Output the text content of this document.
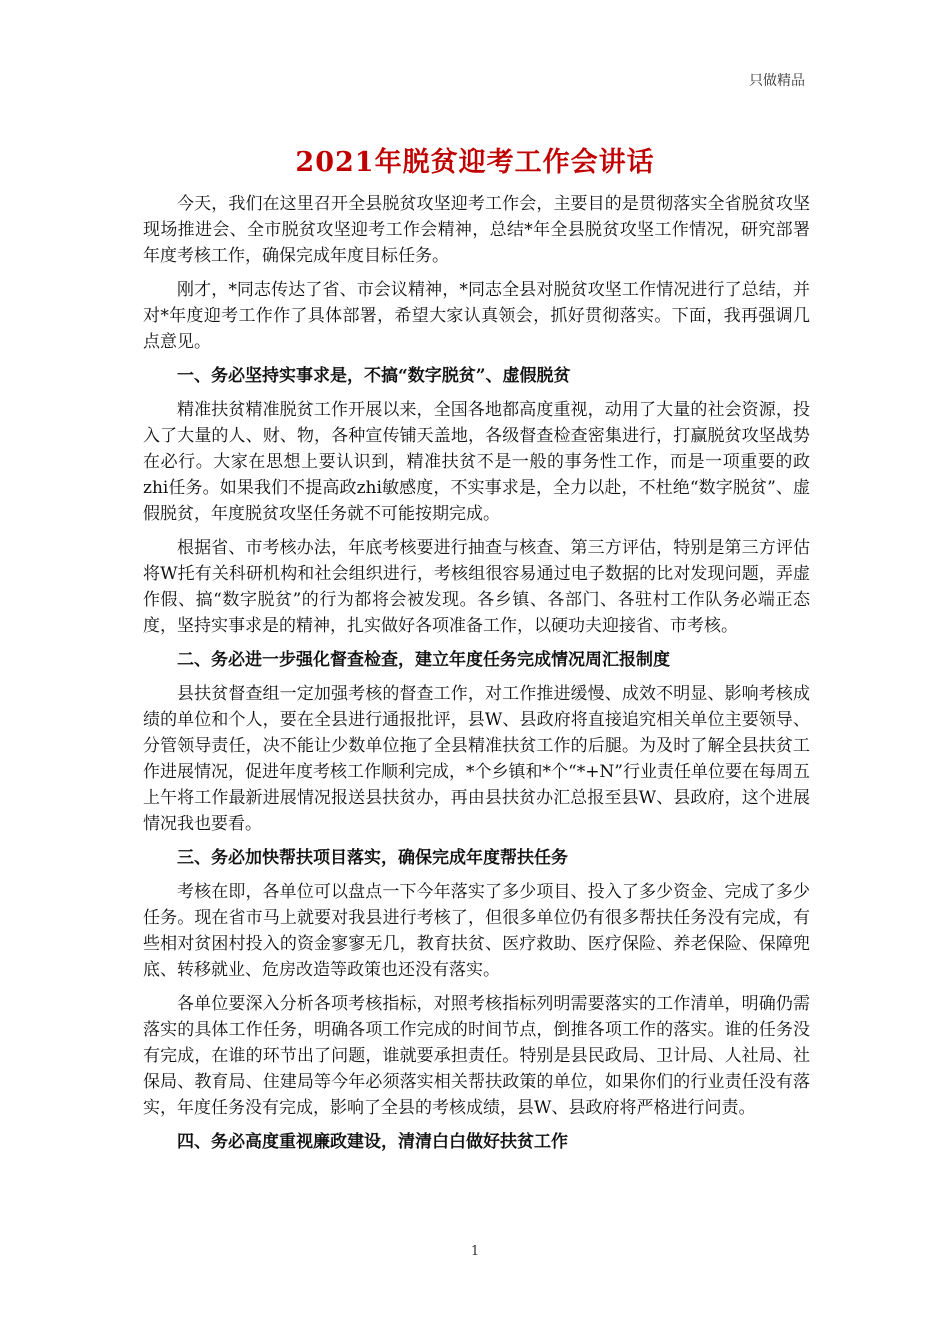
只做精品
2021年脱贫迎考工作会讲话

今天，我们在这里召开全县脱贫攻坚迎考工作会，主要目的是贯彻落实全省脱贫攻坚现场推进会、全市脱贫攻坚迎考工作会精神，总结*年全县脱贫攻坚工作情况，研究部署年度考核工作，确保完成年度目标任务。

刚才，*同志传达了省、市会议精神，*同志全县对脱贫攻坚工作情况进行了总结，并对*年度迎考工作作了具体部署，希望大家认真领会，抓好贯彻落实。下面，我再强调几点意见。

一、务必坚持实事求是，不搞“数字脱贫”、虚假脱贫

精准扶贫精准脱贫工作开展以来，全国各地都高度重视，动用了大量的社会资源，投入了大量的人、财、物，各种宣传铺天盖地，各级督查检查密集进行，打赢脱贫攻坚战势在必行。大家在思想上要认识到，精准扶贫不是一般的事务性工作，而是一项重要的政zhi任务。如果我们不提高政zhi敏感度，不实事求是，全力以赴，不杜绝“数字脱贫”、虚假脱贫，年度脱贫攻坚任务就不可能按期完成。

根据省、市考核办法，年底考核要进行抽查与核查、第三方评估，特别是第三方评估将W托有关科研机构和社会组织进行，考核组很容易通过电子数据的比对发现问题，弄虚作假、搞“数字脱贫”的行为都将会被发现。各乡镇、各部门、各驻村工作队务必端正态度，坚持实事求是的精神，扎实做好各项准备工作，以硬功夫迎接省、市考核。

二、务必进一步强化督查检查，建立年度任务完成情况周汇报制度

县扶贫督查组一定加强考核的督查工作，对工作推进缓慢、成效不明显、影响考核成绩的单位和个人，要在全县进行通报批评，县W、县政府将直接追究相关单位主要领导、分管领导责任，决不能让少数单位拖了全县精准扶贫工作的后腿。为及时了解全县扶贫工作进展情况，促进年度考核工作顺利完成，*个乡镇和*个“*+N”行业责任单位要在每周五上午将工作最新进展情况报送县扶贫办，再由县扶贫办汇总报至县W、县政府，这个进展情况我也要看。

三、务必加快帮扶项目落实，确保完成年度帮扶任务

考核在即，各单位可以盘点一下今年落实了多少项目、投入了多少资金、完成了多少任务。现在省市马上就要对我县进行考核了，但很多单位仍有很多帮扶任务没有完成，有些相对贫困村投入的资金寥寥无几，教育扶贫、医疗救助、医疗保险、养老保险、保障兜底、转移就业、危房改造等政策也还没有落实。

各单位要深入分析各项考核指标，对照考核指标列明需要落实的工作清单，明确仍需落实的具体工作任务，明确各项工作完成的时间节点，倒推各项工作的落实。谁的任务没有完成，在谁的环节出了问题，谁就要承担责任。特别是县民政局、卫计局、人社局、社保局、教育局、住建局等今年必须落实相关帮扶政策的单位，如果你们的行业责任没有落实，年度任务没有完成，影响了全县的考核成绩，县W、县政府将严格进行问责。

四、务必高度重视廉政建设，清清白白做好扶贫工作
1
